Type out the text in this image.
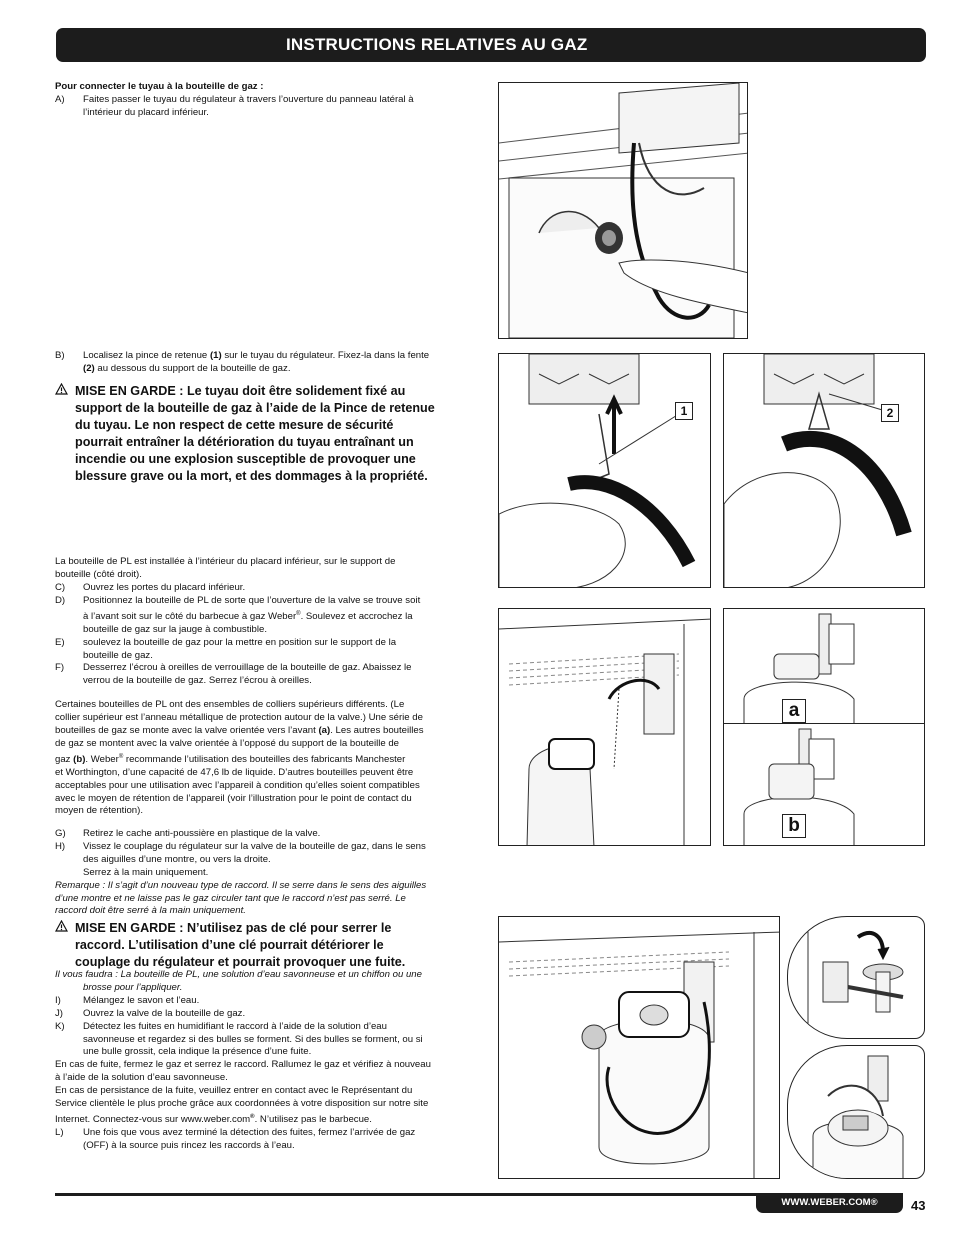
INSTRUCTIONS RELATIVES AU GAZ
Pour connecter le tuyau à la bouteille de gaz :
A)	Faites passer le tuyau du régulateur à travers l’ouverture du panneau latéral à
l’intérieur du placard inférieur.
B)	Localisez la pince de retenue (1) sur le tuyau du régulateur. Fixez-la dans la fente
(2) au dessous du support de la bouteille de gaz.
MISE EN GARDE : Le tuyau doit être solidement fixé au
support de la bouteille de gaz à l’aide de la Pince de retenue
du tuyau. Le non respect de cette mesure de sécurité
pourrait entraîner la détérioration du tuyau entraînant un
incendie ou une explosion susceptible de provoquer une
blessure grave ou la mort, et des dommages à la propriété.
La bouteille de PL est installée à l’intérieur du placard inférieur, sur le support de
bouteille (côté droit).
C)	Ouvrez les portes du placard inférieur.
D)	Positionnez la bouteille de PL de sorte que l’ouverture de la valve se trouve soit
à l’avant soit sur le côté du barbecue à gaz Weber®. Soulevez et accrochez la
bouteille de gaz sur la jauge à combustible.
E)	soulevez la bouteille de gaz pour la mettre en position sur le support de la
bouteille de gaz.
F)	Desserrez l’écrou à oreilles de verrouillage de la bouteille de gaz. Abaissez le
verrou de la bouteille de gaz. Serrez l’écrou à oreilles.
Certaines bouteilles de PL ont des ensembles de colliers supérieurs différents. (Le
collier supérieur est l’anneau métallique de protection autour de la valve.) Une série de
bouteilles de gaz se monte avec la valve orientée vers l’avant (a). Les autres bouteilles
de gaz se montent avec la valve orientée à l’opposé du support de la bouteille de
gaz (b). Weber® recommande l’utilisation des bouteilles des fabricants Manchester
et Worthington, d’une capacité de 47,6 lb de liquide. D’autres bouteilles peuvent être
acceptables pour une utilisation avec l’appareil à condition qu’elles soient compatibles
avec le moyen de rétention de l’appareil (voir l’illustration pour le point de contact du
moyen de rétention).
G)	Retirez le cache anti-poussière en plastique de la valve.
H)	Vissez le couplage du régulateur sur la valve de la bouteille de gaz, dans le sens
des aiguilles d’une montre, ou vers la droite.
Serrez à la main uniquement.
Remarque : Il s’agit d’un nouveau type de raccord. Il se serre dans le sens des aiguilles
d’une montre et ne laisse pas le gaz circuler tant que le raccord n’est pas serré. Le
raccord doit être serré à la main uniquement.
MISE EN GARDE : N’utilisez pas de clé pour serrer le
raccord. L’utilisation d’une clé pourrait détériorer le
couplage du régulateur et pourrait provoquer une fuite.
Il vous faudra : La bouteille de PL, une solution d’eau savonneuse et un chiffon ou une
brosse pour l’appliquer.
I)	Mélangez le savon et l’eau.
J)	Ouvrez la valve de la bouteille de gaz.
K)	Détectez les fuites en humidifiant le raccord à l’aide de la solution d’eau
savonneuse et regardez si des bulles se forment. Si des bulles se forment, ou si
une bulle grossit, cela indique la présence d’une fuite.
En cas de fuite, fermez le gaz et serrez le raccord. Rallumez le gaz et vérifiez à nouveau
à l’aide de la solution d’eau savonneuse.
En cas de persistance de la fuite, veuillez entrer en contact avec le Représentant du
Service clientèle le plus proche grâce aux coordonnées à votre disposition sur notre site
Internet. Connectez-vous sur www.weber.com®. N’utilisez pas le barbecue.
L)	Une fois que vous avez terminé la détection des fuites, fermez l’arrivée de gaz
(OFF) à la source puis rincez les raccords à l’eau.
1	2
a
b
WWW.WEBER.COM®	43
